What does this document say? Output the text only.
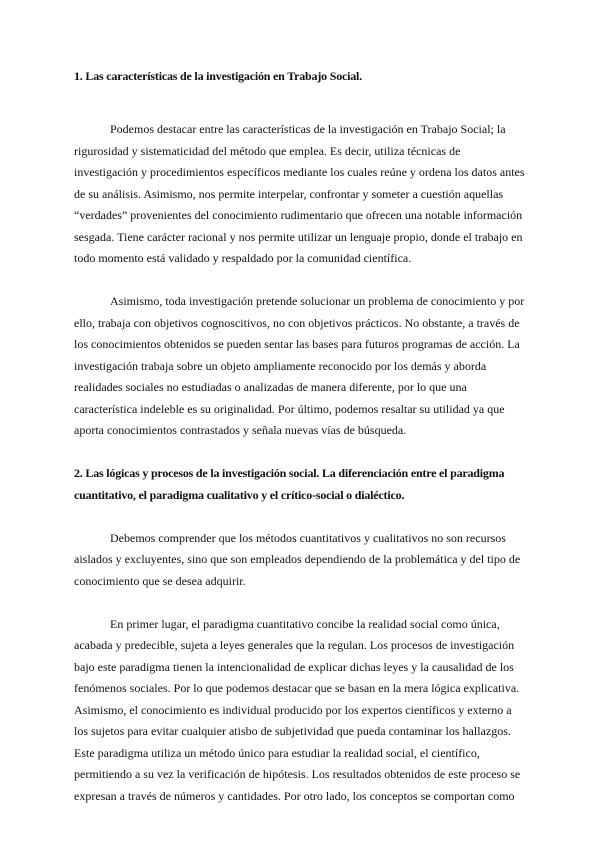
1. Las características de la investigación en Trabajo Social.

Podemos destacar entre las características de la investigación en Trabajo Social; la rigurosidad y sistematicidad del método que emplea. Es decir, utiliza técnicas de investigación y procedimientos específicos mediante los cuales reúne y ordena los datos antes de su análisis. Asimismo, nos permite interpelar, confrontar y someter a cuestión aquellas “verdades” provenientes del conocimiento rudimentario que ofrecen una notable información sesgada. Tiene carácter racional y nos permite utilizar un lenguaje propio, donde el trabajo en todo momento está validado y respaldado por la comunidad científica.

Asimismo, toda investigación pretende solucionar un problema de conocimiento y por ello, trabaja con objetivos cognoscitivos, no con objetivos prácticos. No obstante, a través de los conocimientos obtenidos se pueden sentar las bases para futuros programas de acción. La investigación trabaja sobre un objeto ampliamente reconocido por los demás y aborda realidades sociales no estudiadas o analizadas de manera diferente, por lo que una característica indeleble es su originalidad. Por último, podemos resaltar su utilidad ya que aporta conocimientos contrastados y señala nuevas vías de búsqueda.

2. Las lógicas y procesos de la investigación social. La diferenciación entre el paradigma cuantitativo, el paradigma cualitativo y el crítico-social o dialéctico.

Debemos comprender que los métodos cuantitativos y cualitativos no son recursos aislados y excluyentes, sino que son empleados dependiendo de la problemática y del tipo de conocimiento que se desea adquirir.

En primer lugar, el paradigma cuantitativo concibe la realidad social como única, acabada y predecible, sujeta a leyes generales que la regulan. Los procesos de investigación bajo este paradigma tienen la intencionalidad de explicar dichas leyes y la causalidad de los fenómenos sociales. Por lo que podemos destacar que se basan en la mera lógica explicativa. Asimismo, el conocimiento es individual producido por los expertos científicos y externo a los sujetos para evitar cualquier atisbo de subjetividad que pueda contaminar los hallazgos. Este paradigma utiliza un método único para estudiar la realidad social, el científico, permitiendo a su vez la verificación de hipótesis. Los resultados obtenidos de este proceso se expresan a través de números y cantidades. Por otro lado, los conceptos se comportan como
